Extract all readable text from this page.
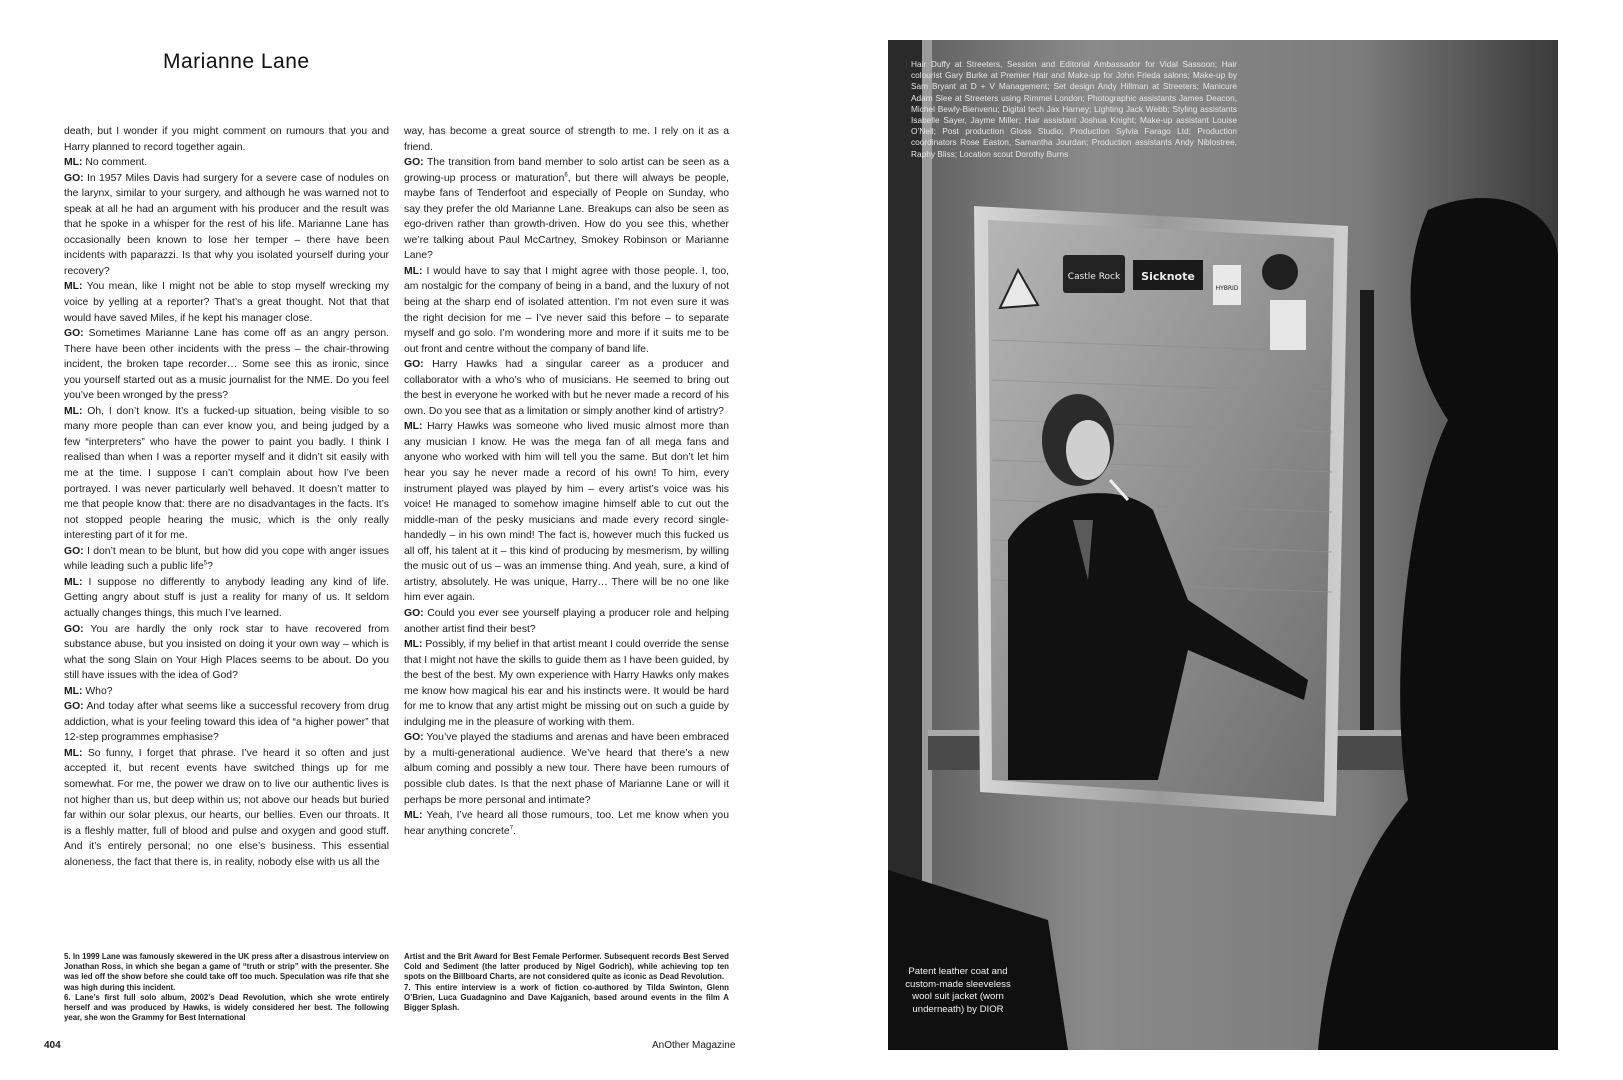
Marianne Lane

death, but I wonder if you might comment on rumours that you and Harry planned to record together again.

ML: No comment.

GO: In 1957 Miles Davis had surgery for a severe case of nodules on the larynx, similar to your surgery, and although he was warned not to speak at all he had an argument with his producer and the result was that he spoke in a whisper for the rest of his life. Marianne Lane has occasionally been known to lose her temper – there have been incidents with paparazzi. Is that why you isolated yourself during your recovery?

ML: You mean, like I might not be able to stop myself wrecking my voice by yelling at a reporter? That’s a great thought. Not that that would have saved Miles, if he kept his manager close.

GO: Sometimes Marianne Lane has come off as an angry person. There have been other incidents with the press – the chair-throwing incident, the broken tape recorder… Some see this as ironic, since you yourself started out as a music journalist for the NME. Do you feel you’ve been wronged by the press?

ML: Oh, I don’t know. It’s a fucked-up situation, being visible to so many more people than can ever know you, and being judged by a few “interpreters” who have the power to paint you badly. I think I realised than when I was a reporter myself and it didn’t sit easily with me at the time. I suppose I can’t complain about how I’ve been portrayed. I was never particularly well behaved. It doesn’t matter to me that people know that: there are no disadvantages in the facts. It’s not stopped people hearing the music, which is the only really interesting part of it for me.

GO: I don’t mean to be blunt, but how did you cope with anger issues while leading such a public life$^5$?

ML: I suppose no differently to anybody leading any kind of life. Getting angry about stuff is just a reality for many of us. It seldom actually changes things, this much I’ve learned.

GO: You are hardly the only rock star to have recovered from substance abuse, but you insisted on doing it your own way – which is what the song Slain on Your High Places seems to be about. Do you still have issues with the idea of God?

ML: Who?

GO: And today after what seems like a successful recovery from drug addiction, what is your feeling toward this idea of “a higher power” that 12-step programmes emphasise?

ML: So funny, I forget that phrase. I’ve heard it so often and just accepted it, but recent events have switched things up for me somewhat. For me, the power we draw on to live our authentic lives is not higher than us, but deep within us; not above our heads but buried far within our solar plexus, our hearts, our bellies. Even our throats. It is a fleshly matter, full of blood and pulse and oxygen and good stuff. And it’s entirely personal; no one else’s business. This essential aloneness, the fact that there is, in reality, nobody else with us all the

way, has become a great source of strength to me. I rely on it as a friend.

GO: The transition from band member to solo artist can be seen as a growing-up process or maturation$^6$, but there will always be people, maybe fans of Tenderfoot and especially of People on Sunday, who say they prefer the old Marianne Lane. Breakups can also be seen as ego-driven rather than growth-driven. How do you see this, whether we’re talking about Paul McCartney, Smokey Robinson or Marianne Lane?

ML: I would have to say that I might agree with those people. I, too, am nostalgic for the company of being in a band, and the luxury of not being at the sharp end of isolated attention. I’m not even sure it was the right decision for me – I’ve never said this before – to separate myself and go solo. I’m wondering more and more if it suits me to be out front and centre without the company of band life.

GO: Harry Hawks had a singular career as a producer and collaborator with a who’s who of musicians. He seemed to bring out the best in everyone he worked with but he never made a record of his own. Do you see that as a limitation or simply another kind of artistry?

ML: Harry Hawks was someone who lived music almost more than any musician I know. He was the mega fan of all mega fans and anyone who worked with him will tell you the same. But don’t let him hear you say he never made a record of his own! To him, every instrument played was played by him – every artist’s voice was his voice! He managed to somehow imagine himself able to cut out the middle-man of the pesky musicians and made every record single-handedly – in his own mind! The fact is, however much this fucked us all off, his talent at it – this kind of producing by mesmerism, by willing the music out of us – was an immense thing. And yeah, sure, a kind of artistry, absolutely. He was unique, Harry… There will be no one like him ever again.

GO: Could you ever see yourself playing a producer role and helping another artist find their best?

ML: Possibly, if my belief in that artist meant I could override the sense that I might not have the skills to guide them as I have been guided, by the best of the best. My own experience with Harry Hawks only makes me know how magical his ear and his instincts were. It would be hard for me to know that any artist might be missing out on such a guide by indulging me in the pleasure of working with them.

GO: You’ve played the stadiums and arenas and have been embraced by a multi-generational audience. We’ve heard that there’s a new album coming and possibly a new tour. There have been rumours of possible club dates. Is that the next phase of Marianne Lane or will it perhaps be more personal and intimate?

ML: Yeah, I’ve heard all those rumours, too. Let me know when you hear anything concrete$^7$.

5. In 1999 Lane was famously skewered in the UK press after a disastrous interview on Jonathan Ross, in which she began a game of “truth or strip” with the presenter. She was led off the show before she could take off too much. Speculation was rife that she was high during this incident.

6. Lane’s first full solo album, 2002’s Dead Revolution, which she wrote entirely herself and was produced by Hawks, is widely considered her best. The following year, she won the Grammy for Best International

Artist and the Brit Award for Best Female Performer. Subsequent records Best Served Cold and Sediment (the latter produced by Nigel Godrich), while achieving top ten spots on the Billboard Charts, are not considered quite as iconic as Dead Revolution.

7. This entire interview is a work of fiction co-authored by Tilda Swinton, Glenn O’Brien, Luca Guadagnino and Dave Kajganich, based around events in the film A Bigger Splash.

404	AnOther Magazine
Castle Rock Sicknote
HYBRID
Hair Duffy at Streeters, Session and Editorial Ambassador for Vidal Sassoon; Hair colourist Gary Burke at Premier Hair and Make-up for John Frieda salons; Make-up by Sam Bryant at D + V Management; Set design Andy Hillman at Streeters; Manicure Adam Slee at Streeters using Rimmel London; Photographic assistants James Deacon, Michel Bewly-Bienvenu; Digital tech Jax Harney; Lighting Jack Webb; Styling assistants Isabelle Sayer, Jayme Miller; Hair assistant Joshua Knight; Make-up assistant Louise O’Neil; Post production Gloss Studio; Production Sylvia Farago Ltd; Production coordinators Rose Easton, Samantha Jourdan; Production assistants Andy Niblostree, Raphy Bliss; Location scout Dorothy Burns
Patent leather coat and custom-made sleeveless wool suit jacket (worn underneath) by DIOR
